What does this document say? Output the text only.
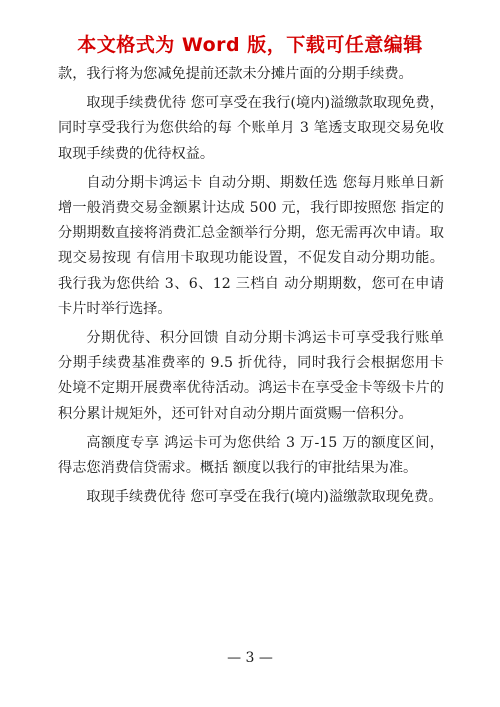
本文格式为 Word 版，下载可任意编辑

款，我行将为您减免提前还款未分摊片面的分期手续费。

取现手续费优待 您可享受在我行(境内)溢缴款取现免费，同时享受我行为您供给的每 个账单月 3 笔透支取现交易免收取现手续费的优待权益。

自动分期卡鸿运卡 自动分期、期数任选 您每月账单日新增一般消费交易金额累计达成 500 元，我行即按照您 指定的分期期数直接将消费汇总金额举行分期，您无需再次申请。取现交易按现 有信用卡取现功能设置，不促发自动分期功能。我行我为您供给 3、6、12 三档自 动分期期数，您可在申请卡片时举行选择。

分期优待、积分回馈 自动分期卡鸿运卡可享受我行账单分期手续费基准费率的 9.5 折优待，同时我行会根据您用卡处境不定期开展费率优待活动。鸿运卡在享受金卡等级卡片的积分累计规矩外，还可针对自动分期片面赏赐一倍积分。

高额度专享 鸿运卡可为您供给 3 万-15 万的额度区间，得志您消费信贷需求。概括 额度以我行的审批结果为准。

取现手续费优待 您可享受在我行(境内)溢缴款取现免费。

— 3 —
